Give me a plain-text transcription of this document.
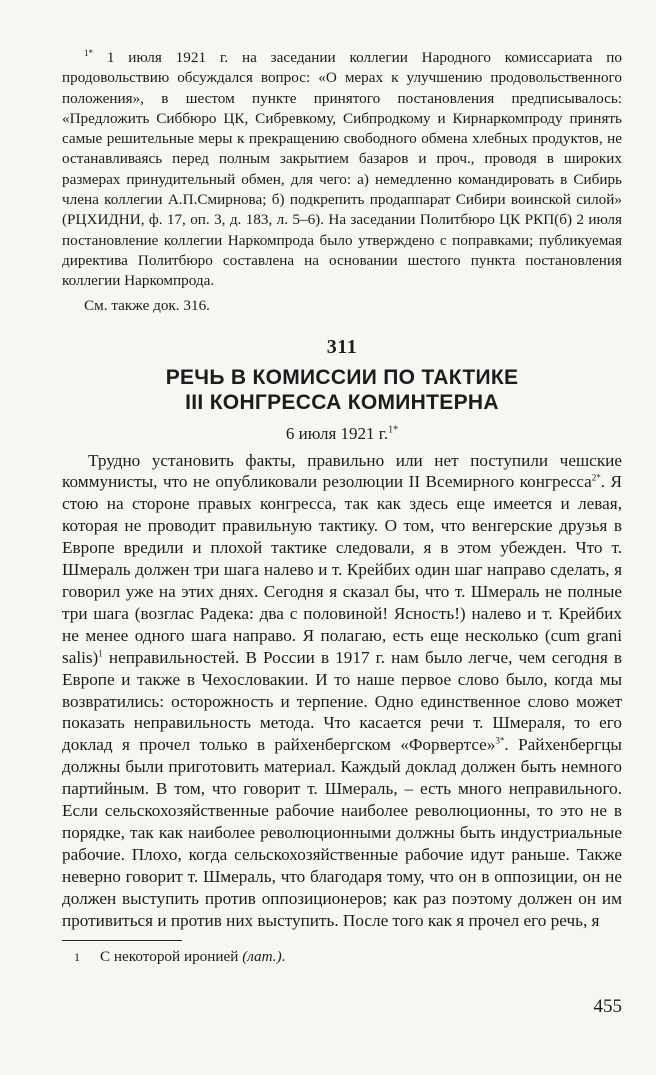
$^{1*}$ 1 июля 1921 г. на заседании коллегии Народного комиссариата по продовольствию обсуждался вопрос: «О мерах к улучшению продовольственного положения», в шестом пункте принятого постановления предписывалось: «Предложить Сиббюро ЦК, Сибревкому, Сибпродкому и Кирнаркомпроду принять самые решительные меры к прекращению свободного обмена хлебных продуктов, не останавливаясь перед полным закрытием базаров и проч., проводя в широких размерах принудительный обмен, для чего: а) немедленно командировать в Сибирь члена коллегии А.П.Смирнова; б) подкрепить продаппарат Сибири воинской силой» (РЦХИДНИ, ф. 17, оп. 3, д. 183, л. 5–6). На заседании Политбюро ЦК РКП(б) 2 июля постановление коллегии Наркомпрода было утверждено с поправками; публикуемая директива Политбюро составлена на основании шестого пункта постановления коллегии Наркомпрода.

См. также док. 316.

311

РЕЧЬ В КОМИССИИ ПО ТАКТИКЕ
III КОНГРЕССА КОМИНТЕРНА

6 июля 1921 г.$^{1*}$

Трудно установить факты, правильно или нет поступили чешские коммунисты, что не опубликовали резолюции II Всемирного конгресса$^{2*}$. Я стою на стороне правых конгресса, так как здесь еще имеется и левая, которая не проводит правильную тактику. О том, что венгерские друзья в Европе вредили и плохой тактике следовали, я в этом убежден. Что т. Шмераль должен три шага налево и т. Крейбих один шаг направо сделать, я говорил уже на этих днях. Сегодня я сказал бы, что т. Шмераль не полные три шага (возглас Радека: два с половиной! Ясность!) налево и т. Крейбих не менее одного шага направо. Я полагаю, есть еще несколько (cum grani salis)$^1$ неправильностей. В России в 1917 г. нам было легче, чем сегодня в Европе и также в Чехословакии. И то наше первое слово было, когда мы возвратились: осторожность и терпение. Одно единственное слово может показать неправильность метода. Что касается речи т. Шмераля, то его доклад я прочел только в райхенбергском «Форвертсе»$^{3*}$. Райхенбергцы должны были приготовить материал. Каждый доклад должен быть немного партийным. В том, что говорит т. Шмераль, – есть много неправильного. Если сельскохозяйственные рабочие наиболее революционны, то это не в порядке, так как наиболее революционными должны быть индустриальные рабочие. Плохо, когда сельскохозяйственные рабочие идут раньше. Также неверно говорит т. Шмераль, что благодаря тому, что он в оппозиции, он не должен выступить против оппозиционеров; как раз поэтому должен он им противиться и против них выступить. После того как я прочел его речь, я

1 С некоторой иронией (лат.).

455
